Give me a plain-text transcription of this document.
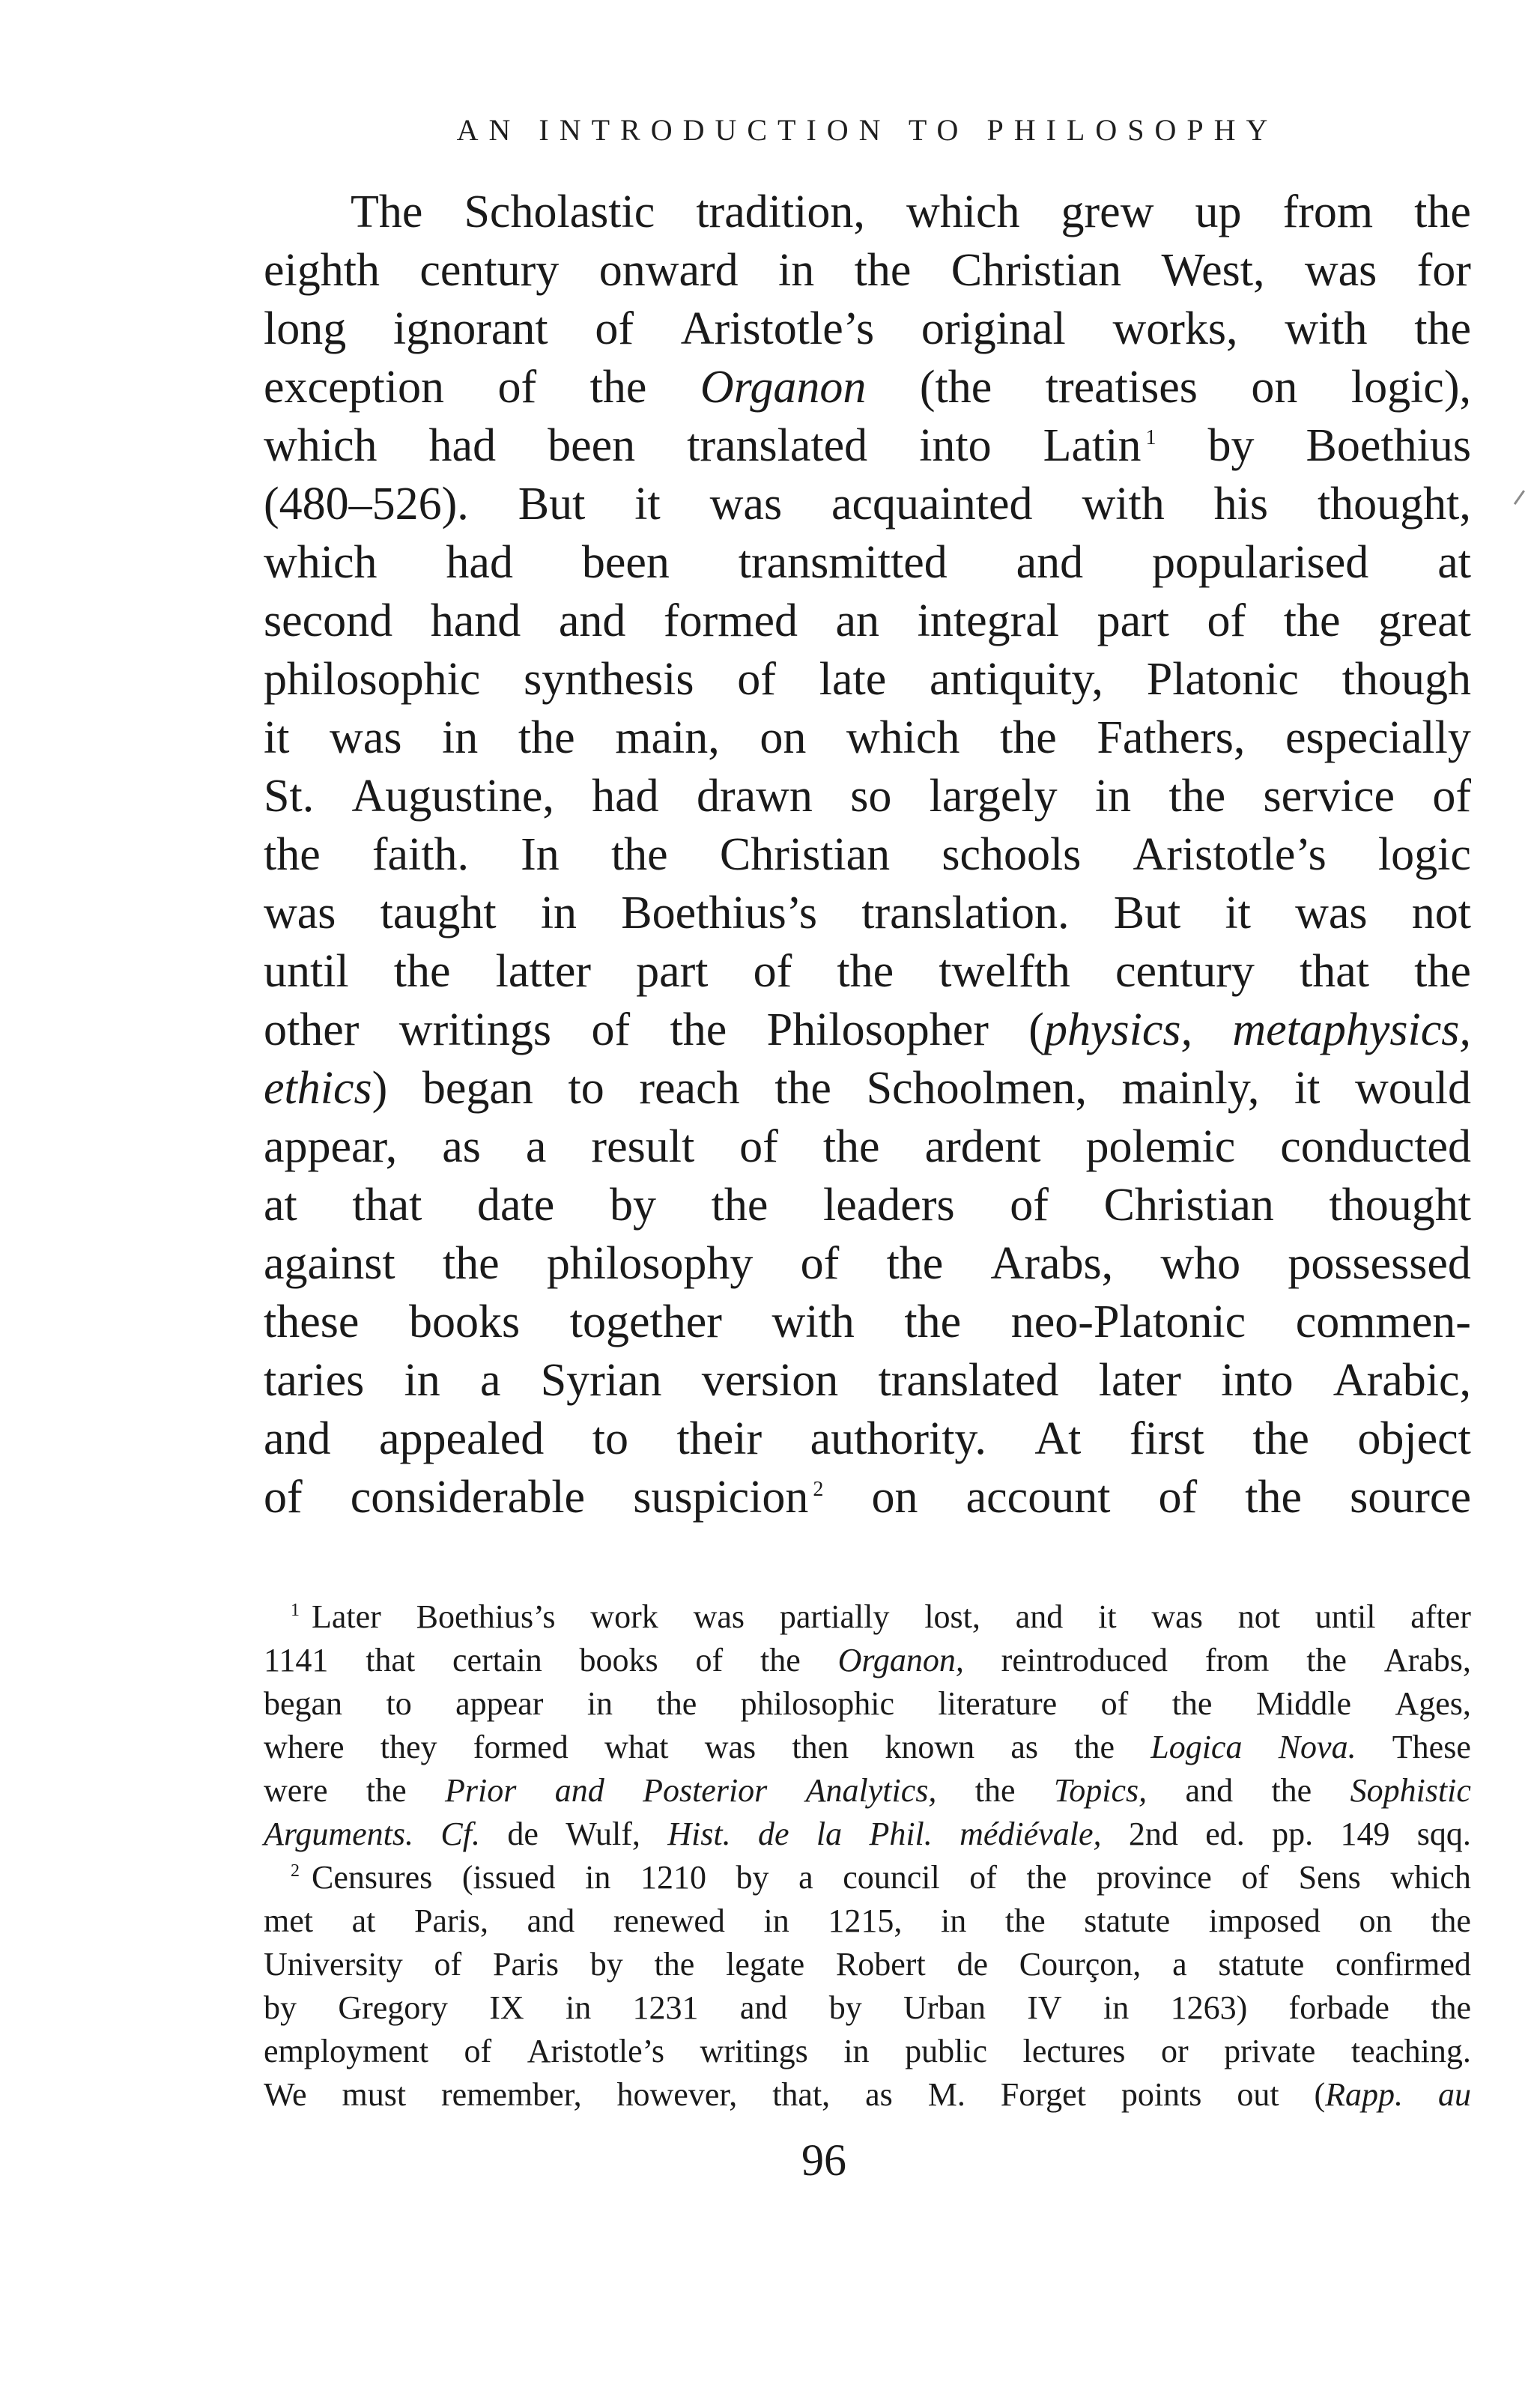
AN INTRODUCTION TO PHILOSOPHY
The Scholastic tradition, which grew up from the
eighth century onward in the Christian West, was for
long ignorant of Aristotle’s original works, with the
exception of the Organon (the treatises on logic),
which had been translated into Latin $^1$ by Boethius
(480–526). But it was acquainted with his thought,
which had been transmitted and popularised at
second hand and formed an integral part of the great
philosophic synthesis of late antiquity, Platonic though
it was in the main, on which the Fathers, especially
St. Augustine, had drawn so largely in the service of
the faith. In the Christian schools Aristotle’s logic
was taught in Boethius’s translation. But it was not
until the latter part of the twelfth century that the
other writings of the Philosopher (physics, metaphysics,
ethics) began to reach the Schoolmen, mainly, it would
appear, as a result of the ardent polemic conducted
at that date by the leaders of Christian thought
against the philosophy of the Arabs, who possessed
these books together with the neo-Platonic commen-
taries in a Syrian version translated later into Arabic,
and appealed to their authority. At first the object
of considerable suspicion $^2$ on account of the source
$^1$ Later Boethius’s work was partially lost, and it was not until after
1141 that certain books of the Organon, reintroduced from the Arabs,
began to appear in the philosophic literature of the Middle Ages,
where they formed what was then known as the Logica Nova. These
were the Prior and Posterior Analytics, the Topics, and the Sophistic
Arguments. Cf. de Wulf, Hist. de la Phil. médiévale, 2nd ed. pp. 149 sqq.
$^2$ Censures (issued in 1210 by a council of the province of Sens which
met at Paris, and renewed in 1215, in the statute imposed on the
University of Paris by the legate Robert de Courçon, a statute confirmed
by Gregory IX in 1231 and by Urban IV in 1263) forbade the
employment of Aristotle’s writings in public lectures or private teaching.
We must remember, however, that, as M. Forget points out (Rapp. au
96
